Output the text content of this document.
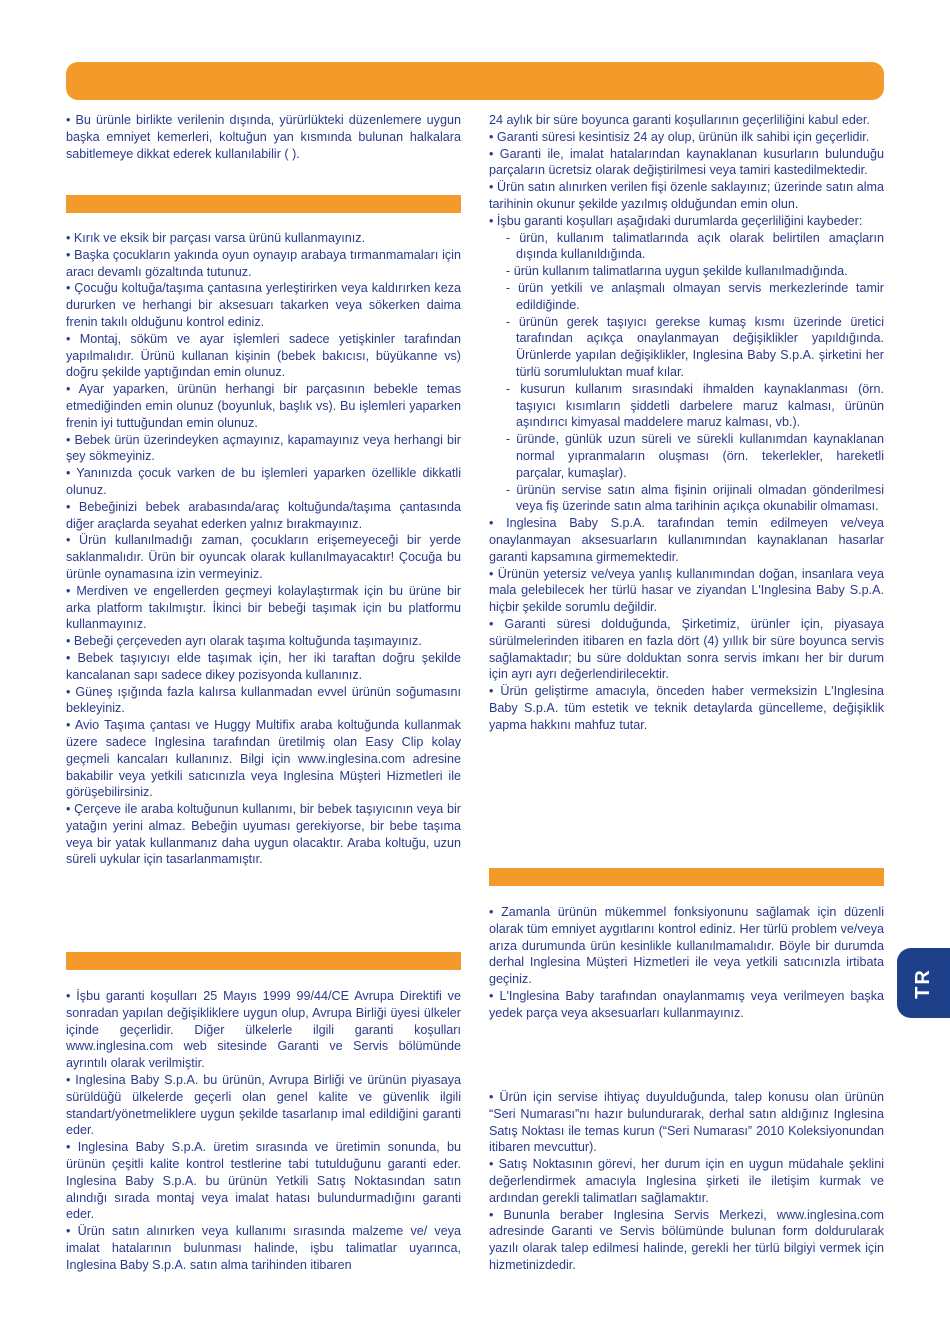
• Bu ürünle birlikte verilenin dışında, yürürlükteki düzenlemere uygun başka emniyet kemerleri, koltuğun yan kısmında bulunan halkalara sabitlemeye dikkat ederek kullanılabilir ( ).

• Kırık ve eksik bir parçası varsa ürünü kullanmayınız.

• Başka çocukların yakında oyun oynayıp arabaya tırmanmamaları için aracı devamlı gözaltında tutunuz.

• Çocuğu koltuğa/taşıma çantasına yerleştirirken veya kaldırırken keza dururken ve herhangi bir aksesuarı takarken veya sökerken daima frenin takılı olduğunu kontrol ediniz.

• Montaj, söküm ve ayar işlemleri sadece yetişkinler tarafından yapılmalıdır. Ürünü kullanan kişinin (bebek bakıcısı, büyükanne vs) doğru şekilde yaptığından emin olunuz.

• Ayar yaparken, ürünün herhangi bir parçasının bebekle temas etmediğinden emin olunuz (boyunluk, başlık vs). Bu işlemleri yaparken frenin iyi tuttuğundan emin olunuz.

• Bebek ürün üzerindeyken açmayınız, kapamayınız veya herhangi bir şey sökmeyiniz.

• Yanınızda çocuk varken de bu işlemleri yaparken özellikle dikkatli olunuz.

• Bebeğinizi bebek arabasında/araç koltuğunda/taşıma çantasında diğer araçlarda seyahat ederken yalnız bırakmayınız.

• Ürün kullanılmadığı zaman, çocukların erişemeyeceği bir yerde saklanmalıdır. Ürün bir oyuncak olarak kullanılmayacaktır! Çocuğa bu ürünle oynamasına izin vermeyiniz.

• Merdiven ve engellerden geçmeyi kolaylaştırmak için bu ürüne bir arka platform takılmıştır. İkinci bir bebeği taşımak için bu platformu kullanmayınız.

• Bebeği çerçeveden ayrı olarak taşıma koltuğunda taşımayınız.

• Bebek taşıyıcıyı elde taşımak için, her iki taraftan doğru şekilde kancalanan sapı sadece dikey pozisyonda kullanınız.

• Güneş ışığında fazla kalırsa kullanmadan evvel ürünün soğumasını bekleyiniz.

• Avio Taşıma çantası ve Huggy Multifix araba koltuğunda kullanmak üzere sadece Inglesina tarafından üretilmiş olan Easy Clip kolay geçmeli kancaları kullanınız. Bilgi için www.inglesina.com adresine bakabilir veya yetkili satıcınızla veya Inglesina Müşteri Hizmetleri ile görüşebilirsiniz.

• Çerçeve ile araba koltuğunun kullanımı, bir bebek taşıyıcının veya bir yatağın yerini almaz. Bebeğin uyuması gerekiyorse, bir bebe taşıma veya bir yatak kullanmanız daha uygun olacaktır. Araba koltuğu, uzun süreli uykular için tasarlanmamıştır.

• İşbu garanti koşulları 25 Mayıs 1999 99/44/CE Avrupa Direktifi ve sonradan yapılan değişikliklere uygun olup, Avrupa Birliği üyesi ülkeler içinde geçerlidir. Diğer ülkelerle ilgili garanti koşulları www.inglesina.com web sitesinde Garanti ve Servis bölümünde ayrıntılı olarak verilmiştir.

• Inglesina Baby S.p.A. bu ürünün, Avrupa Birliği ve ürünün piyasaya sürüldüğü ülkelerde geçerli olan genel kalite ve güvenlik ilgili standart/yönetmeliklere uygun şekilde tasarlanıp imal edildiğini garanti eder.

• Inglesina Baby S.p.A. üretim sırasında ve üretimin sonunda, bu ürünün çeşitli kalite kontrol testlerine tabi tutulduğunu garanti eder. Inglesina Baby S.p.A. bu ürünün Yetkili Satış Noktasından satın alındığı sırada montaj veya imalat hatası bulundurmadığını garanti eder.

• Ürün satın alınırken veya kullanımı sırasında malzeme ve/ veya imalat hatalarının bulunması halinde, işbu talimatlar uyarınca, Inglesina Baby S.p.A. satın alma tarihinden itibaren

24 aylık bir süre boyunca garanti koşullarının geçerliliğini kabul eder.

• Garanti süresi kesintisiz 24 ay olup, ürünün ilk sahibi için geçerlidir.

• Garanti ile, imalat hatalarından kaynaklanan kusurların bulunduğu parçaların ücretsiz olarak değiştirilmesi veya tamiri kastedilmektedir.

• Ürün satın alınırken verilen fişi özenle saklayınız; üzerinde satın alma tarihinin okunur şekilde yazılmış olduğundan emin olun.

• İşbu garanti koşulları aşağıdaki durumlarda geçerliliğini kaybeder:

- ürün, kullanım talimatlarında açık olarak belirtilen amaçların dışında kullanıldığında.

- ürün kullanım talimatlarına uygun şekilde kullanılmadığında.

- ürün yetkili ve anlaşmalı olmayan servis merkezlerinde tamir edildiğinde.

- ürünün gerek taşıyıcı gerekse kumaş kısmı üzerinde üretici tarafından açıkça onaylanmayan değişiklikler yapıldığında. Ürünlerde yapılan değişiklikler, Inglesina Baby S.p.A. şirketini her türlü sorumluluktan muaf kılar.

- kusurun kullanım sırasındaki ihmalden kaynaklanması (örn. taşıyıcı kısımların şiddetli darbelere maruz kalması, ürünün aşındırıcı kimyasal maddelere maruz kalması, vb.).

- üründe, günlük uzun süreli ve sürekli kullanımdan kaynaklanan normal yıpranmaların oluşması (örn. tekerlekler, hareketli parçalar, kumaşlar).

- ürünün servise satın alma fişinin orijinali olmadan gönderilmesi veya fiş üzerinde satın alma tarihinin açıkça okunabilir olmaması.

• Inglesina Baby S.p.A. tarafından temin edilmeyen ve/veya onaylanmayan aksesuarların kullanımından kaynaklanan hasarlar garanti kapsamına girmemektedir.

• Ürünün yetersiz ve/veya yanlış kullanımından doğan, insanlara veya mala gelebilecek her türlü hasar ve ziyandan L'Inglesina Baby S.p.A. hiçbir şekilde sorumlu değildir.

• Garanti süresi dolduğunda, Şirketimiz, ürünler için, piyasaya sürülmelerinden itibaren en fazla dört (4) yıllık bir süre boyunca servis sağlamaktadır; bu süre dolduktan sonra servis imkanı her bir durum için ayrı ayrı değerlendirilecektir.

• Ürün geliştirme amacıyla, önceden haber vermeksizin L'Inglesina Baby S.p.A. tüm estetik ve teknik detaylarda güncelleme, değişiklik yapma hakkını mahfuz tutar.

• Zamanla ürünün mükemmel fonksiyonunu sağlamak için düzenli olarak tüm emniyet aygıtlarını kontrol ediniz. Her türlü problem ve/veya arıza durumunda ürün kesinlikle kullanılmamalıdır. Böyle bir durumda derhal Inglesina Müşteri Hizmetleri ile veya yetkili satıcınızla irtibata geçiniz.

• L'Inglesina Baby tarafından onaylanmamış veya verilmeyen başka yedek parça veya aksesuarları kullanmayınız.

• Ürün için servise ihtiyaç duyulduğunda, talep konusu olan ürünün “Seri Numarası”nı hazır bulundurarak, derhal satın aldığınız Inglesina Satış Noktası ile temas kurun (“Seri Numarası” 2010 Koleksiyonundan itibaren mevcuttur).

• Satış Noktasının görevi, her durum için en uygun müdahale şeklini değerlendirmek amacıyla Inglesina şirketi ile iletişim kurmak ve ardından gerekli talimatları sağlamaktır.

• Bununla beraber Inglesina Servis Merkezi, www.inglesina.com adresinde Garanti ve Servis bölümünde bulunan form doldurularak yazılı olarak talep edilmesi halinde, gerekli her türlü bilgiyi vermek için hizmetinizdedir.

TR
